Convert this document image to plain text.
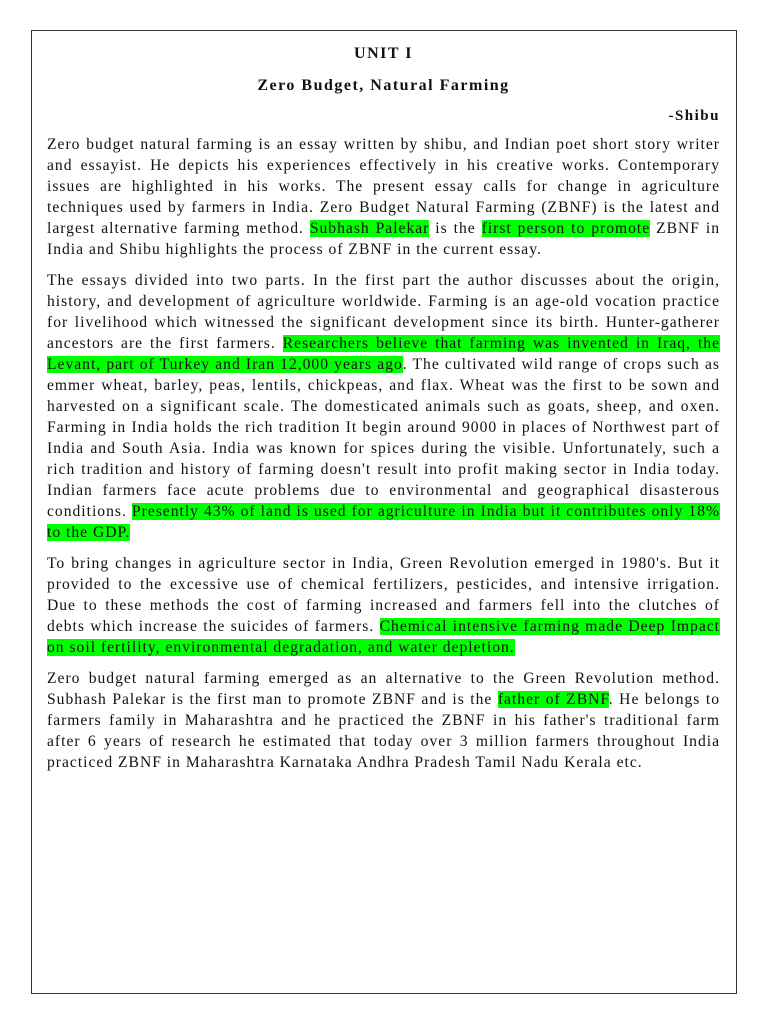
UNIT I
Zero Budget, Natural Farming
-Shibu

Zero budget natural farming is an essay written by shibu, and Indian poet short story writer and essayist. He depicts his experiences effectively in his creative works. Contemporary issues are highlighted in his works. The present essay calls for change in agriculture techniques used by farmers in India. Zero Budget Natural Farming (ZBNF) is the latest and largest alternative farming method. Subhash Palekar is the first person to promote ZBNF in India and Shibu highlights the process of ZBNF in the current essay.

The essays divided into two parts. In the first part the author discusses about the origin, history, and development of agriculture worldwide. Farming is an age-old vocation practice for livelihood which witnessed the significant development since its birth. Hunter-gatherer ancestors are the first farmers. Researchers believe that farming was invented in Iraq, the Levant, part of Turkey and Iran 12,000 years ago. The cultivated wild range of crops such as emmer wheat, barley, peas, lentils, chickpeas, and flax. Wheat was the first to be sown and harvested on a significant scale. The domesticated animals such as goats, sheep, and oxen. Farming in India holds the rich tradition It begin around 9000 in places of Northwest part of India and South Asia. India was known for spices during the visible. Unfortunately, such a rich tradition and history of farming doesn't result into profit making sector in India today. Indian farmers face acute problems due to environmental and geographical disasterous conditions. Presently 43% of land is used for agriculture in India but it contributes only 18% to the GDP.

To bring changes in agriculture sector in India, Green Revolution emerged in 1980's. But it provided to the excessive use of chemical fertilizers, pesticides, and intensive irrigation. Due to these methods the cost of farming increased and farmers fell into the clutches of debts which increase the suicides of farmers. Chemical intensive farming made Deep Impact on soil fertility, environmental degradation, and water depletion.

Zero budget natural farming emerged as an alternative to the Green Revolution method. Subhash Palekar is the first man to promote ZBNF and is the father of ZBNF. He belongs to farmers family in Maharashtra and he practiced the ZBNF in his father's traditional farm after 6 years of research he estimated that today over 3 million farmers throughout India practiced ZBNF in Maharashtra Karnataka Andhra Pradesh Tamil Nadu Kerala etc.
